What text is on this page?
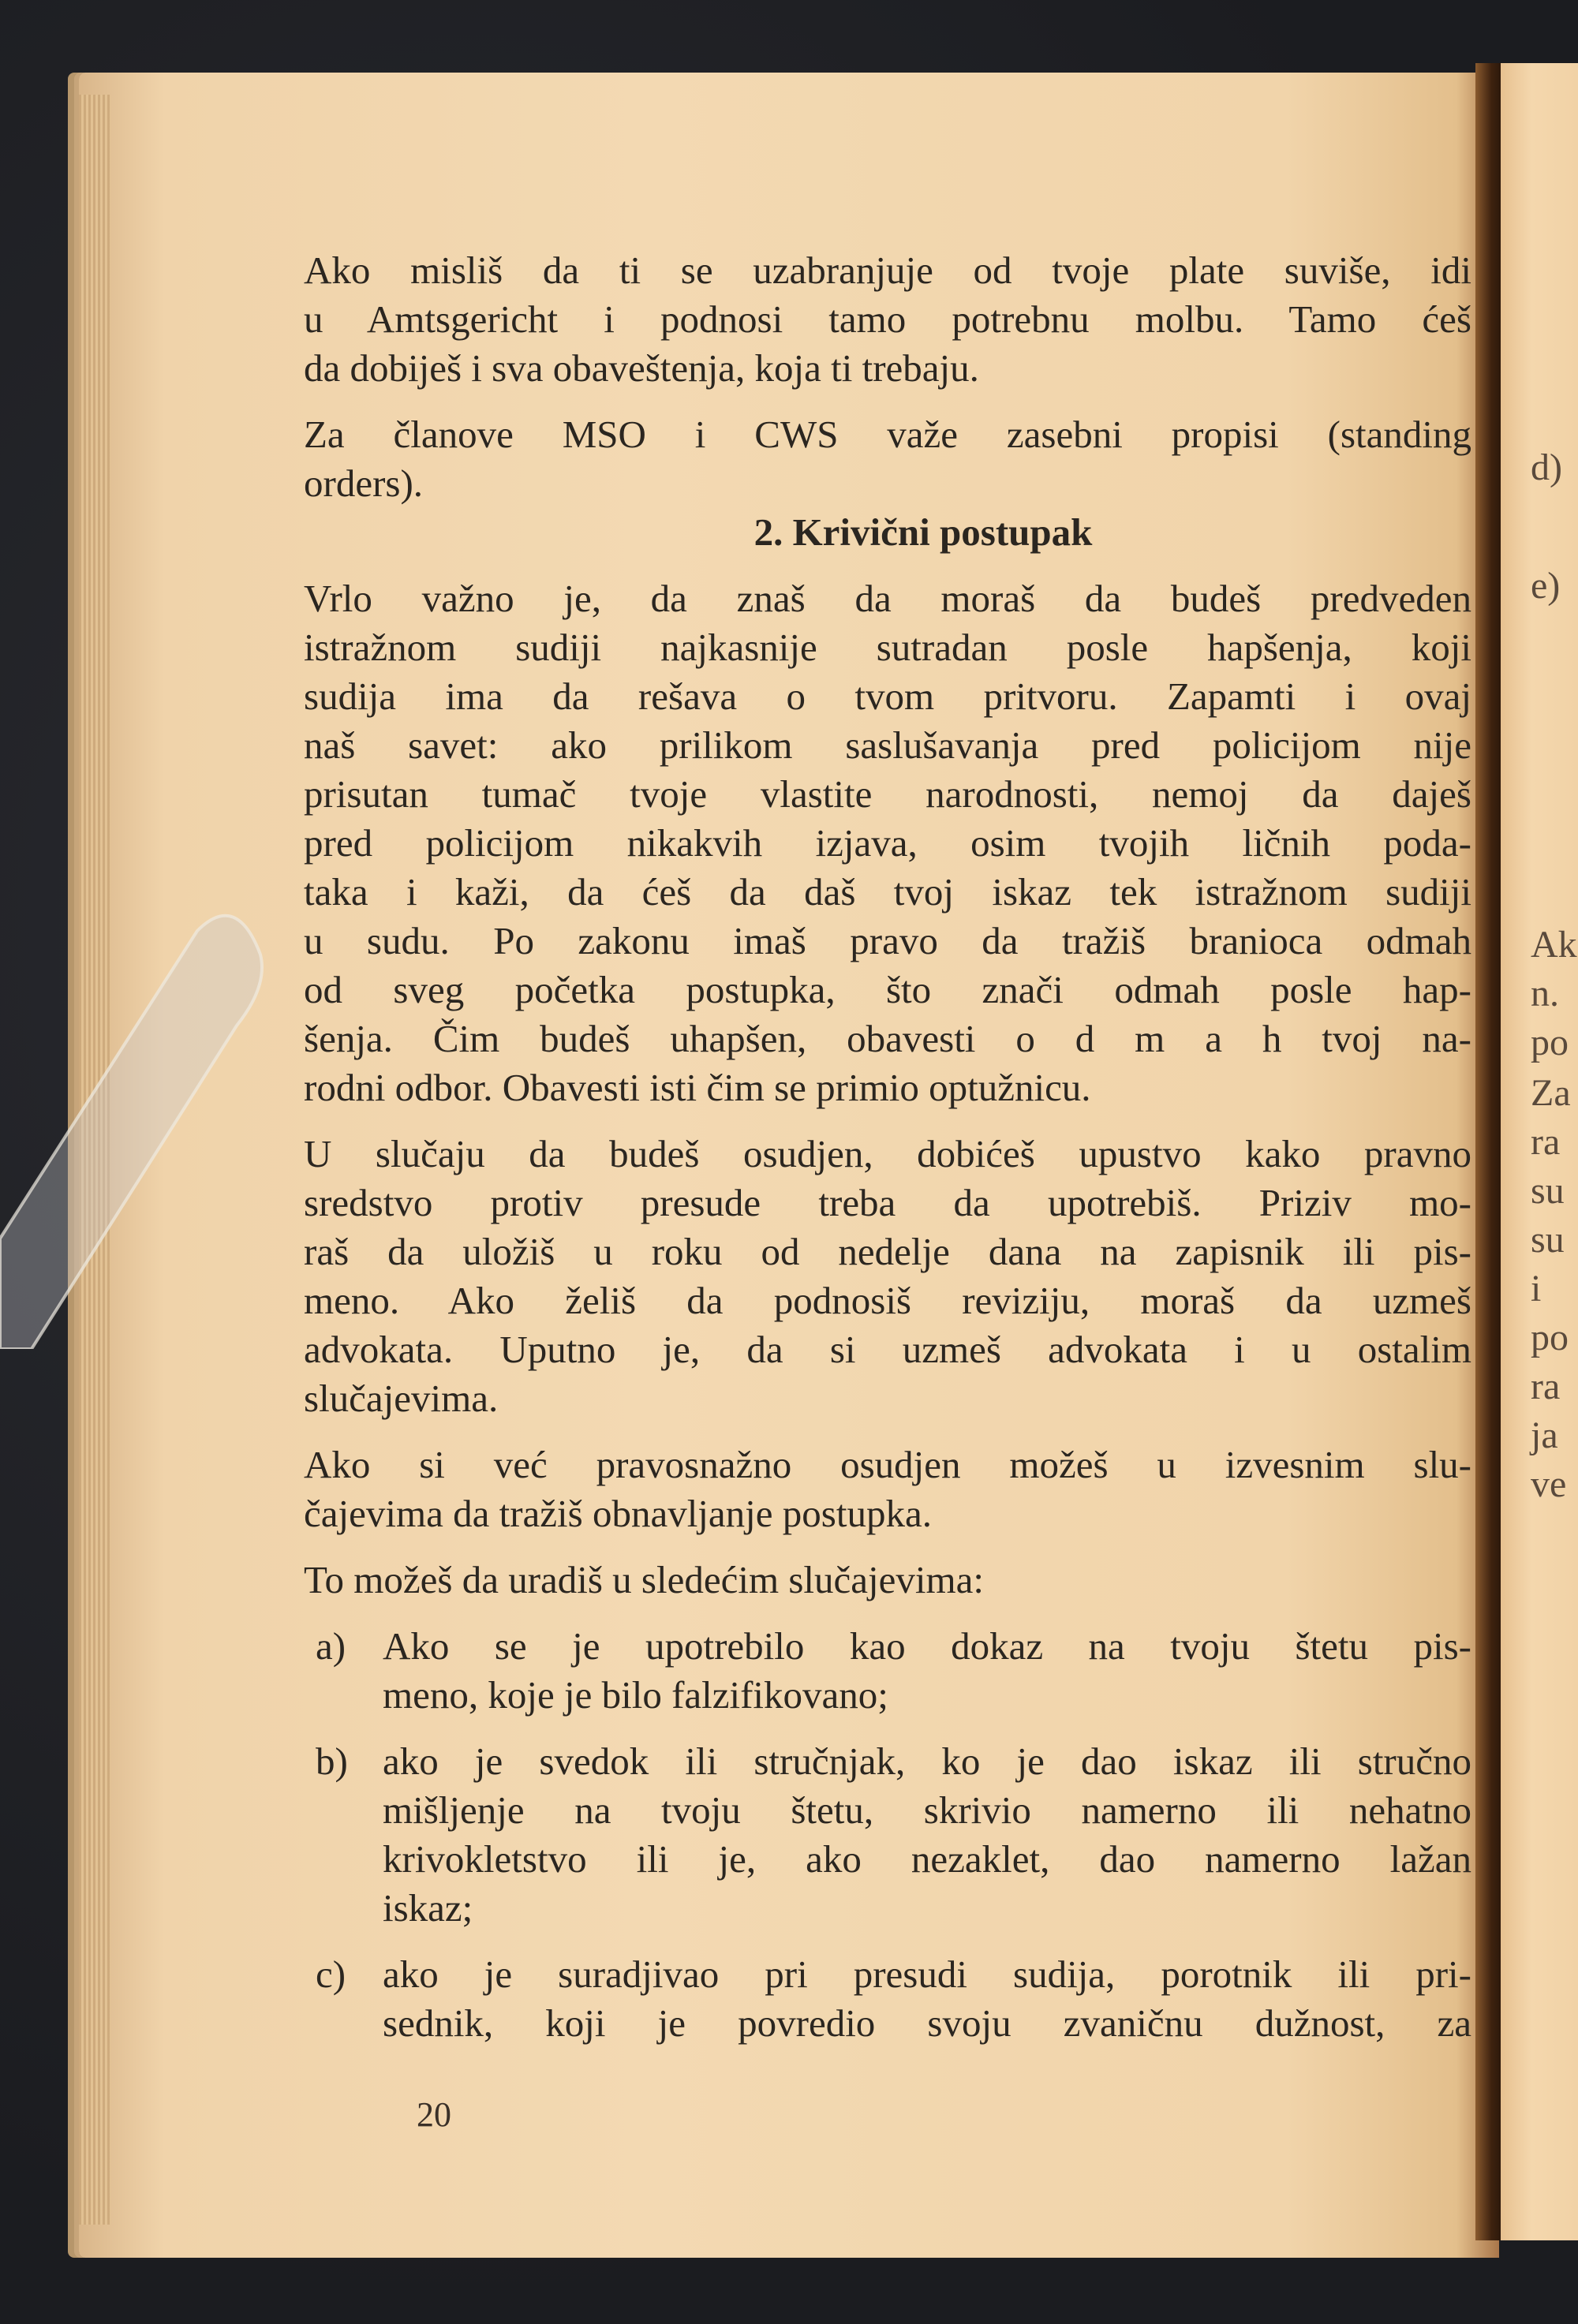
d)
e)
Ak
n.
po
Za
ra
su
su
i
po
ra
ja
ve
Ako mislіš da ti se uzabranjuje od tvoje plate suviše, idi
u Amtsgericht i podnosi tamo potrebnu molbu. Tamo ćeš
da dobiješ i sva obaveštenja, koja ti trebaju.
Za članove MSO i CWS važe zasebni propisi (standing
orders).
2. Krivični postupak
Vrlo važno je, da znaš da moraš da budeš predveden
istražnom sudiji najkasnije sutradan posle hapšenja, koji
sudija ima da rešava o tvom pritvoru. Zapamti i ovaj
naš savet: ako prilikom saslušavanja pred policijom nije
prisutan tumač tvoje vlastite narodnosti, nemoj da daješ
pred policijom nikakvih izjava, osim tvojih ličnih poda-
taka i kaži, da ćeš da daš tvoj iskaz tek istražnom sudiji
u sudu. Po zakonu imaš pravo da tražiš branioca odmah
od sveg početka postupka, što znači odmah posle hap-
šenja. Čim budeš uhapšen, obavesti o d m a h tvoj na-
rodni odbor. Obavesti isti čim se primio optužnicu.
U slučaju da budeš osudjen, dobićeš upustvo kako pravno
sredstvo protiv presude treba da upotrebiš. Priziv mo-
raš da uložiš u roku od nedelje dana na zapisnik ili pis-
meno. Ako želiš da podnosiš reviziju, moraš da uzmeš
advokata. Uputno je, da si uzmeš advokata i u ostalim
slučajevima.
Ako si već pravosnažno osudjen možeš u izvesnim slu-
čajevima da tražiš obnavljanje postupka.
To možeš da uradiš u sledećim slučajevima:
a) Ako se je upotrebilo kao dokaz na tvoju štetu pis-
meno, koje je bilo falzifikovano;
b) ako je svedok ili stručnjak, ko je dao iskaz ili stručno
mišljenje na tvoju štetu, skrivio namerno ili nehatno
krivokletstvo ili je, ako nezaklet, dao namerno lažan
iskaz;
c) ako je suradjivao pri presudi sudija, porotnik ili pri-
sednik, koji je povredio svoju zvaničnu dužnost, za
20
